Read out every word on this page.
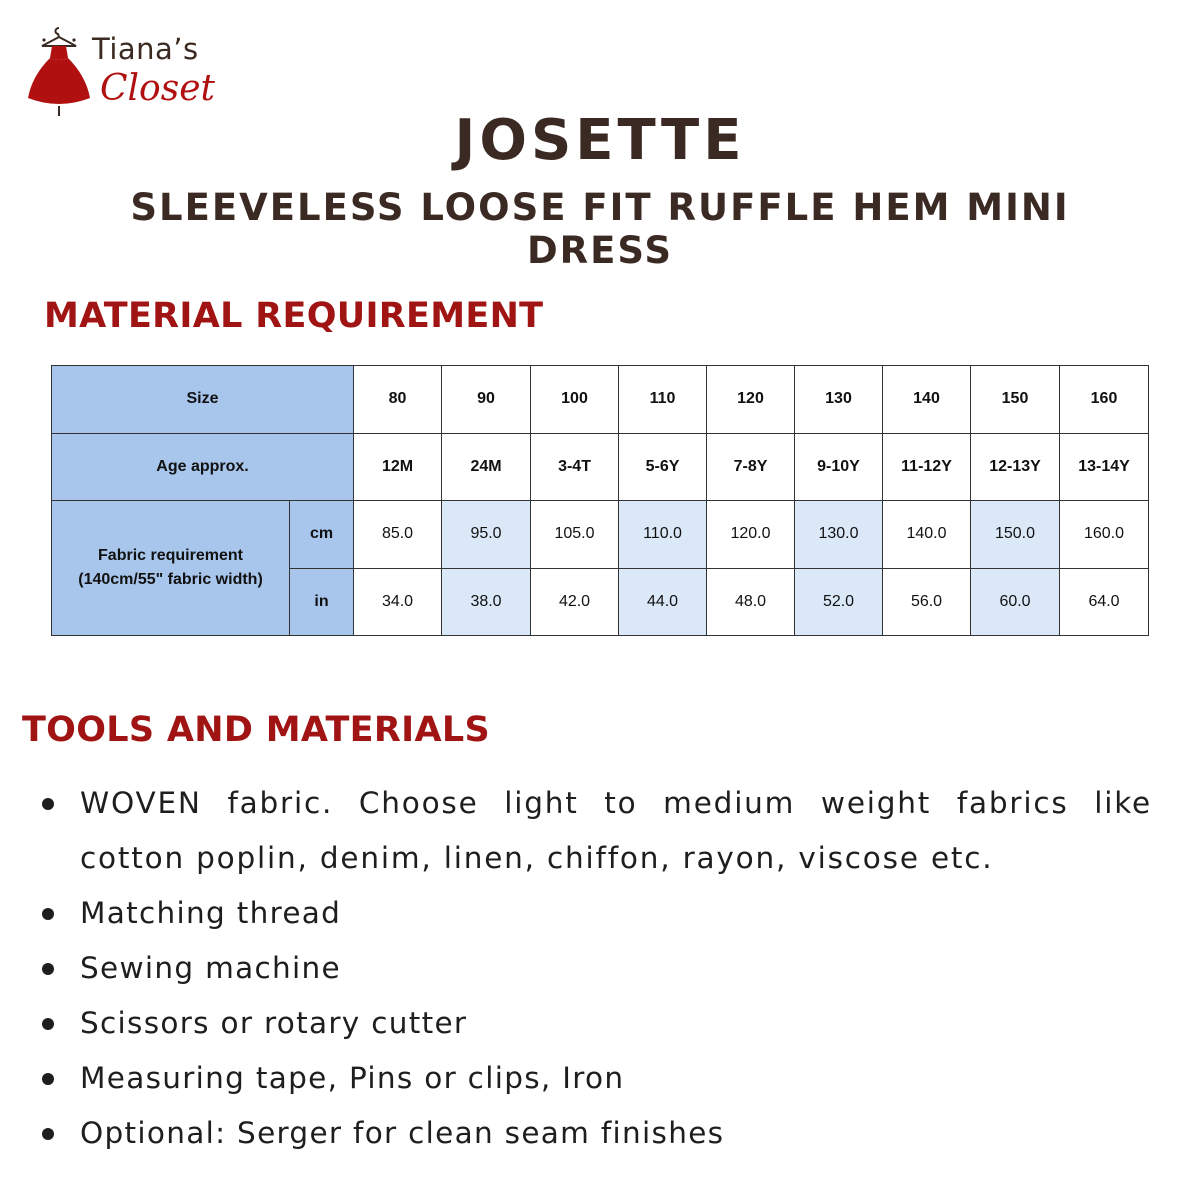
Tiana’s
Closet
JOSETTE
SLEEVELESS LOOSE FIT RUFFLE HEM MINI DRESS
MATERIAL REQUIREMENT
Size		80	90	100	110	120	130	140	150	160
Age approx.		12M	24M	3-4T	5-6Y	7-8Y	9-10Y	11-12Y	12-13Y	13-14Y

Fabric requirement
(140cm/55" fabric width)	cm	85.0	95.0	105.0	110.0	120.0	130.0	140.0	150.0	160.0
	in	34.0	38.0	42.0	44.0	48.0	52.0	56.0	60.0	64.0
TOOLS AND MATERIALS
WOVEN fabric. Choose light to medium weight fabrics like cotton poplin, denim, linen, chiffon, rayon, viscose etc.
Matching thread
Sewing machine
Scissors or rotary cutter
Measuring tape, Pins or clips, Iron
Optional: Serger for clean seam finishes
